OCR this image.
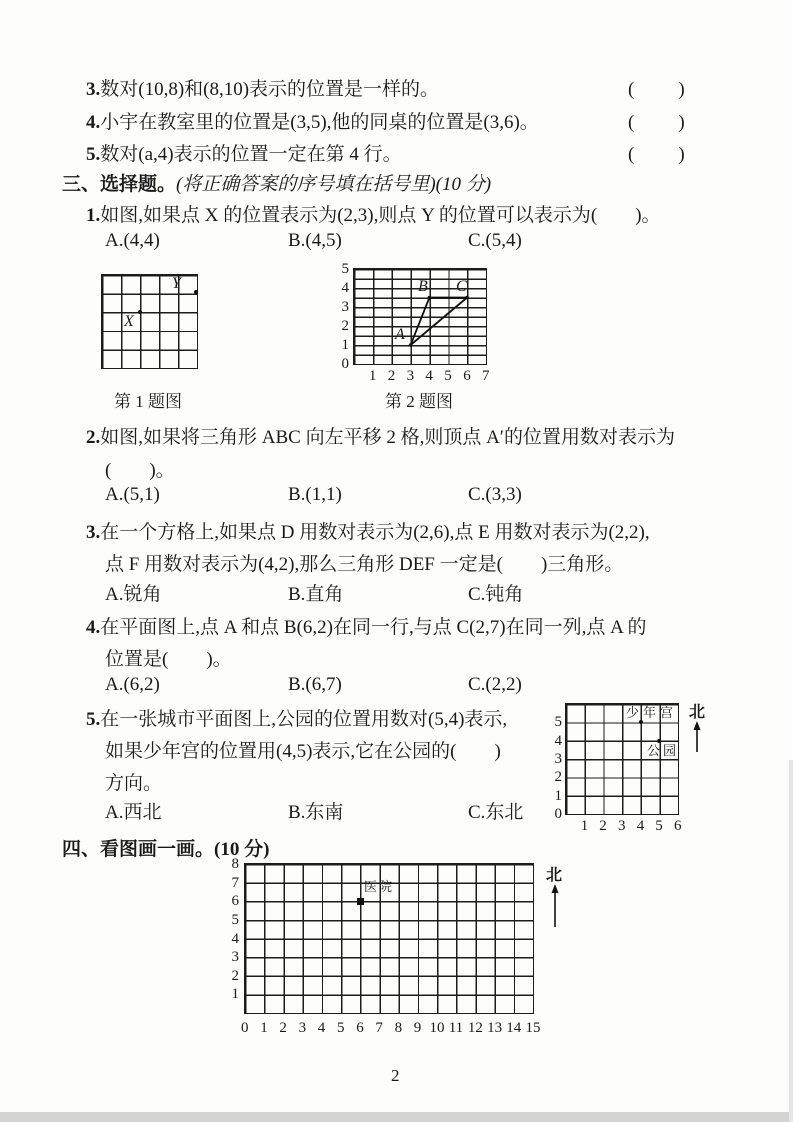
3.数对(10,8)和(8,10)表示的位置是一样的。	(　　)
4.小宇在教室里的位置是(3,5),他的同桌的位置是(3,6)。	(　　)
5.数对(a,4)表示的位置一定在第 4 行。	(　　)
三、选择题。(将正确答案的序号填在括号里)(10 分)
1.如图,如果点 X 的位置表示为(2,3),则点 Y 的位置可以表示为(　　)。
A.(4,4)	B.(4,5)	C.(5,4)
X
Y
第 1 题图
A
B C
5
4
3
2
1
0
1 2 3 4 5 6 7
第 2 题图
2.如图,如果将三角形 ABC 向左平移 2 格,则顶点 A′的位置用数对表示为
(　　)。
A.(5,1)	B.(1,1)	C.(3,3)
3.在一个方格上,如果点 D 用数对表示为(2,6),点 E 用数对表示为(2,2),
点 F 用数对表示为(4,2),那么三角形 DEF 一定是(　　)三角形。
A.锐角	B.直角	C.钝角
4.在平面图上,点 A 和点 B(6,2)在同一行,与点 C(2,7)在同一列,点 A 的
位置是(　　)。
A.(6,2)	B.(6,7)	C.(2,2)
5.在一张城市平面图上,公园的位置用数对(5,4)表示,
如果少年宫的位置用(4,5)表示,它在公园的(　　)
方向。
A.西北	B.东南	C.东北
少年宫
公园
5
4
3
2
1
0
1 2 3 4 5 6
北
四、看图画一画。(10 分)
医院
8
7
6
5
4
3
2
1
0 1 2 3 4 5 6 7 8 9 10 11 12 13 14 15
北
2
